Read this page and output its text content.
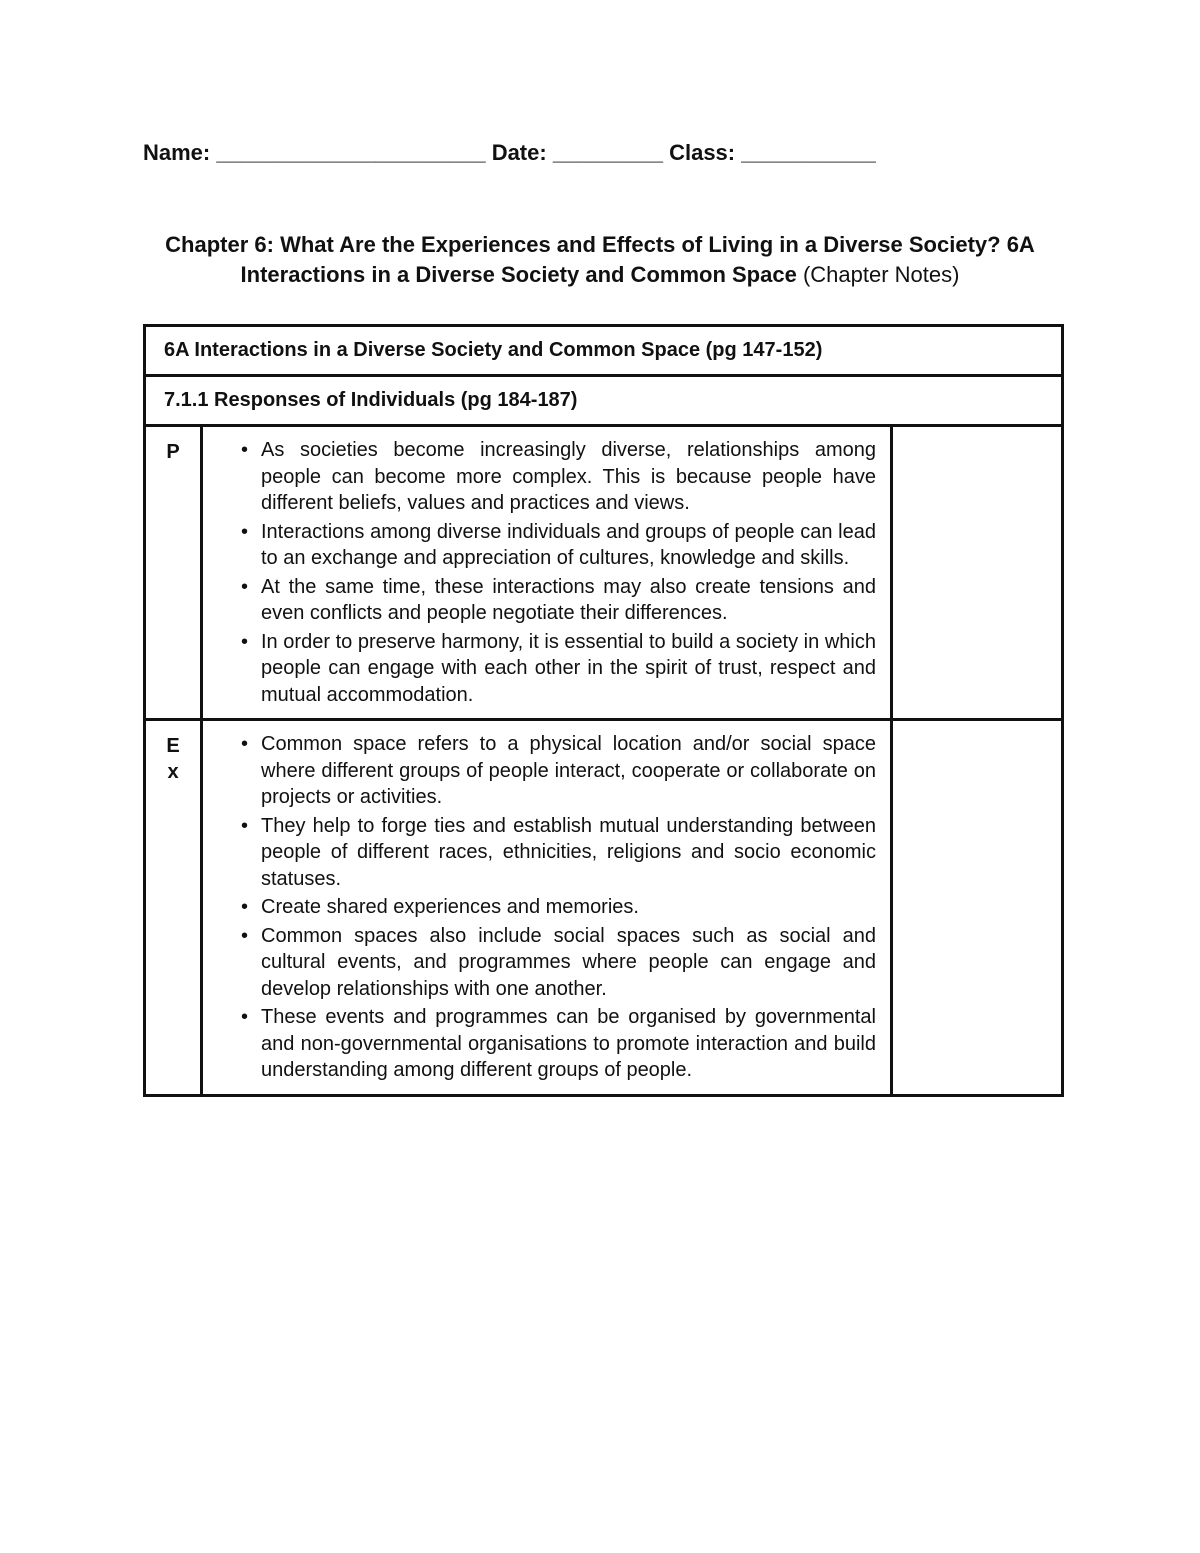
Name: ______________________ Date: _________ Class: ___________
Chapter 6: What Are the Experiences and Effects of Living in a Diverse Society? 6A Interactions in a Diverse Society and Common Space (Chapter Notes)
6A Interactions in a Diverse Society and Common Space (pg 147-152)		
7.1.1 Responses of Individuals (pg 184-187)		
P	• As societies become increasingly diverse, relationships among people can become more complex. This is because people have different beliefs, values and practices and views.
• Interactions among diverse individuals and groups of people can lead to an exchange and appreciation of cultures, knowledge and skills.
• At the same time, these interactions may also create tensions and even conflicts and people negotiate their differences.
• In order to preserve harmony, it is essential to build a society in which people can engage with each other in the spirit of trust, respect and mutual accommodation.

E x	• Common space refers to a physical location and/or social space where different groups of people interact, cooperate or collaborate on projects or activities.
• They help to forge ties and establish mutual understanding between people of different races, ethnicities, religions and socio economic statuses.
• Create shared experiences and memories.
• Common spaces also include social spaces such as social and cultural events, and programmes where people can engage and develop relationships with one another.
• These events and programmes can be organised by governmental and non-governmental organisations to promote interaction and build understanding among different groups of people.
